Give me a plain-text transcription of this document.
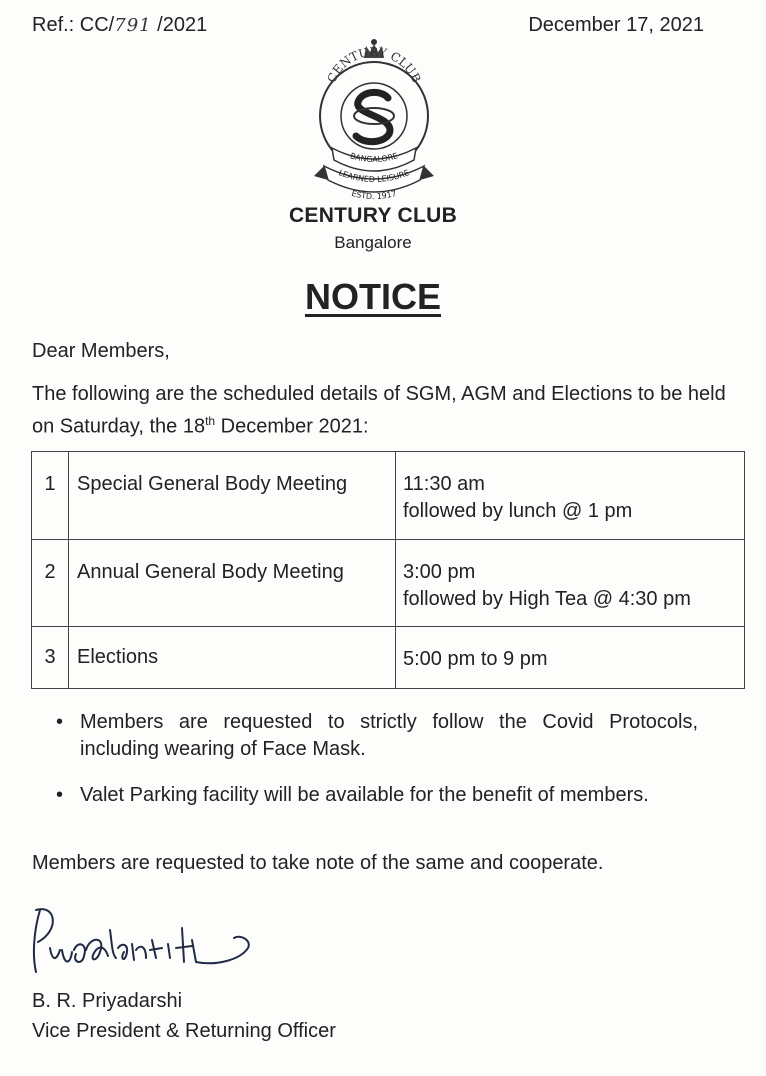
Ref.: CC/791 /2021	December 17, 2021
CENTURY CLUB
BANGALORE
LEARNED LEISURE
ESTD. 1917
CENTURY CLUB
Bangalore
NOTICE
Dear Members,
The following are the scheduled details of SGM, AGM and Elections to be held on Saturday, the 18th December 2021:
1	Special General Body Meeting	11:30 am
followed by lunch @ 1 pm

2	Annual General Body Meeting	3:00 pm
followed by High Tea @ 4:30 pm

3	Elections	5:00 pm to 9 pm
• Members are requested to strictly follow the Covid Protocols, including wearing of Face Mask.
• Valet Parking facility will be available for the benefit of members.
Members are requested to take note of the same and cooperate.
B. R. Priyadarshi
Vice President & Returning Officer
